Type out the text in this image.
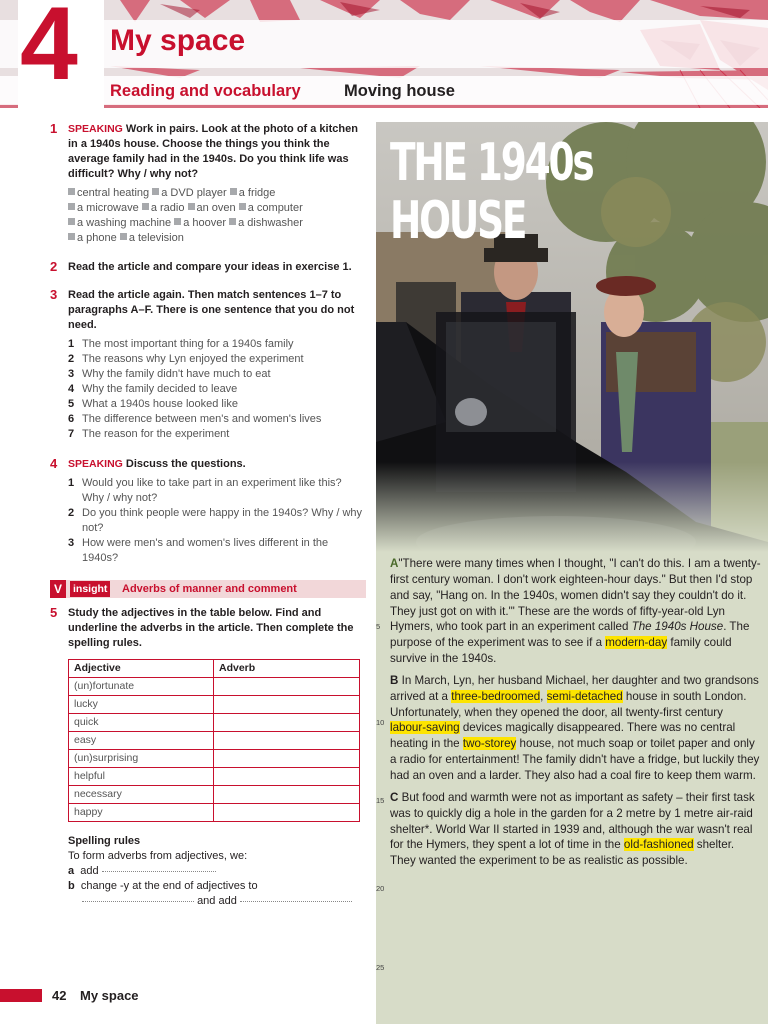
4 My space
Reading and vocabulary	Moving house
1 SPEAKING Work in pairs. Look at the photo of a kitchen in a 1940s house. Choose the things you think the average family had in the 1940s. Do you think life was difficult? Why / why not?
central heating a DVD player a fridge
a microwave a radio an oven a computer
a washing machine a hoover a dishwasher
a phone a television
2 Read the article and compare your ideas in exercise 1.
3 Read the article again. Then match sentences 1–7 to paragraphs A–F. There is one sentence that you do not need.
1 The most important thing for a 1940s family
2 The reasons why Lyn enjoyed the experiment
3 Why the family didn't have much to eat
4 Why the family decided to leave
5 What a 1940s house looked like
6 The difference between men's and women's lives
7 The reason for the experiment
4 SPEAKING Discuss the questions.
1 Would you like to take part in an experiment like this? Why / why not?
2 Do you think people were happy in the 1940s? Why / why not?
3 How were men's and women's lives different in the 1940s?
V	insight Adverbs of manner and comment
5 Study the adjectives in the table below. Find and underline the adverbs in the article. Then complete the spelling rules.
Adjective	Adverb
(un)fortunate	
lucky	
quick	
easy	
(un)surprising	
helpful	
necessary	
happy	
Spelling rules
To form adverbs from adjectives, we:
a add
b change -y at the end of adjectives to
and add
42 My space
THE 1940s
HOUSE
5
10
15
20
25

A"There were many times when I thought, "I can't do this. I am a twenty-first century woman. I don't work eighteen-hour days." But then I'd stop and say, "Hang on. In the 1940s, women didn't say they couldn't do it. They just got on with it."' These are the words of fifty-year-old Lyn Hymers, who took part in an experiment called The 1940s House. The purpose of the experiment was to see if a modern-day family could survive in the 1940s.

B In March, Lyn, her husband Michael, her daughter and two grandsons arrived at a three-bedroomed, semi-detached house in south London. Unfortunately, when they opened the door, all twenty-first century labour-saving devices magically disappeared. There was no central heating in the two-storey house, not much soap or toilet paper and only a radio for entertainment! The family didn't have a fridge, but luckily they had an oven and a larder. They also had a coal fire to keep them warm.

C But food and warmth were not as important as safety – their first task was to quickly dig a hole in the garden for a 2 metre by 1 metre air-raid shelter*. World War II started in 1939 and, although the war wasn't real for the Hymers, they spent a lot of time in the old-fashioned shelter. They wanted the experiment to be as realistic as possible.
